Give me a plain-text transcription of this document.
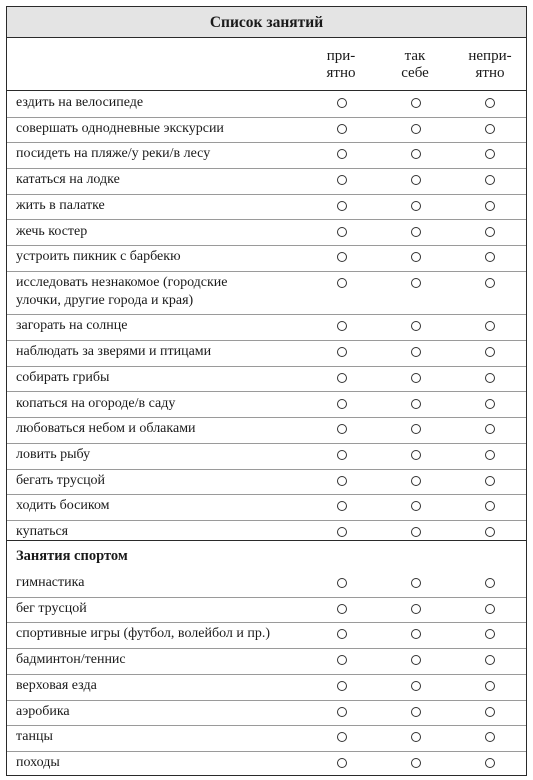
Список занятий
при-
ятно
так
себе
непри-
ятно
Занятия спортом
ездить на велосипеде
совершать однодневные экскурсии
посидеть на пляже/у реки/в лесу
кататься на лодке
жить в палатке
жечь костер
устроить пикник с барбекю
исследовать незнакомое (городские
улочки, другие города и края)
загорать на солнце
наблюдать за зверями и птицами
собирать грибы
копаться на огороде/в саду
любоваться небом и облаками
ловить рыбу
бегать трусцой
ходить босиком
купаться
гимнастика
бег трусцой
спортивные игры (футбол, волейбол и пр.)
бадминтон/теннис
верховая езда
аэробика
танцы
походы
